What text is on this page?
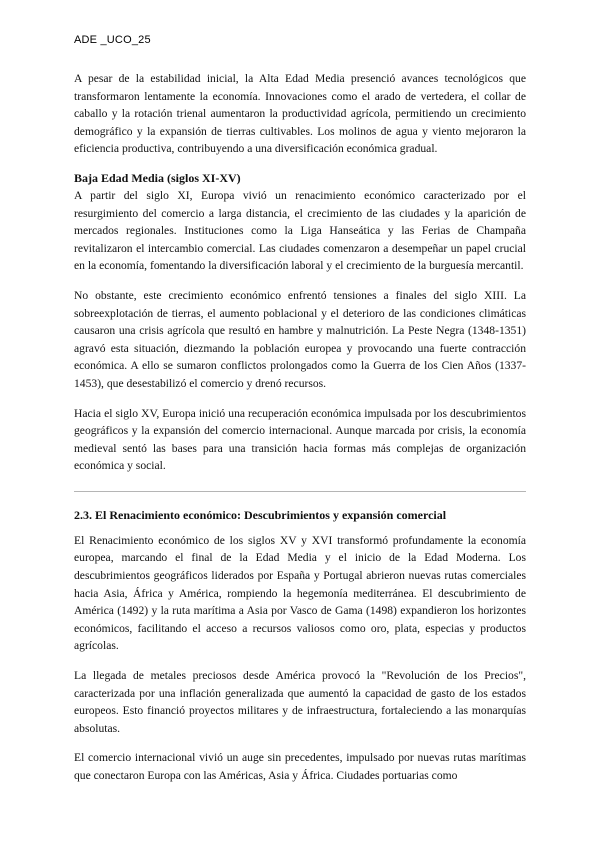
ADE _UCO_25

A pesar de la estabilidad inicial, la Alta Edad Media presenció avances tecnológicos que transformaron lentamente la economía. Innovaciones como el arado de vertedera, el collar de caballo y la rotación trienal aumentaron la productividad agrícola, permitiendo un crecimiento demográfico y la expansión de tierras cultivables. Los molinos de agua y viento mejoraron la eficiencia productiva, contribuyendo a una diversificación económica gradual.

Baja Edad Media (siglos XI-XV)

A partir del siglo XI, Europa vivió un renacimiento económico caracterizado por el resurgimiento del comercio a larga distancia, el crecimiento de las ciudades y la aparición de mercados regionales. Instituciones como la Liga Hanseática y las Ferias de Champaña revitalizaron el intercambio comercial. Las ciudades comenzaron a desempeñar un papel crucial en la economía, fomentando la diversificación laboral y el crecimiento de la burguesía mercantil.

No obstante, este crecimiento económico enfrentó tensiones a finales del siglo XIII. La sobreexplotación de tierras, el aumento poblacional y el deterioro de las condiciones climáticas causaron una crisis agrícola que resultó en hambre y malnutrición. La Peste Negra (1348-1351) agravó esta situación, diezmando la población europea y provocando una fuerte contracción económica. A ello se sumaron conflictos prolongados como la Guerra de los Cien Años (1337-1453), que desestabilizó el comercio y drenó recursos.

Hacia el siglo XV, Europa inició una recuperación económica impulsada por los descubrimientos geográficos y la expansión del comercio internacional. Aunque marcada por crisis, la economía medieval sentó las bases para una transición hacia formas más complejas de organización económica y social.

2.3. El Renacimiento económico: Descubrimientos y expansión comercial

El Renacimiento económico de los siglos XV y XVI transformó profundamente la economía europea, marcando el final de la Edad Media y el inicio de la Edad Moderna. Los descubrimientos geográficos liderados por España y Portugal abrieron nuevas rutas comerciales hacia Asia, África y América, rompiendo la hegemonía mediterránea. El descubrimiento de América (1492) y la ruta marítima a Asia por Vasco de Gama (1498) expandieron los horizontes económicos, facilitando el acceso a recursos valiosos como oro, plata, especias y productos agrícolas.

La llegada de metales preciosos desde América provocó la "Revolución de los Precios", caracterizada por una inflación generalizada que aumentó la capacidad de gasto de los estados europeos. Esto financió proyectos militares y de infraestructura, fortaleciendo a las monarquías absolutas.

El comercio internacional vivió un auge sin precedentes, impulsado por nuevas rutas marítimas que conectaron Europa con las Américas, Asia y África. Ciudades portuarias como
